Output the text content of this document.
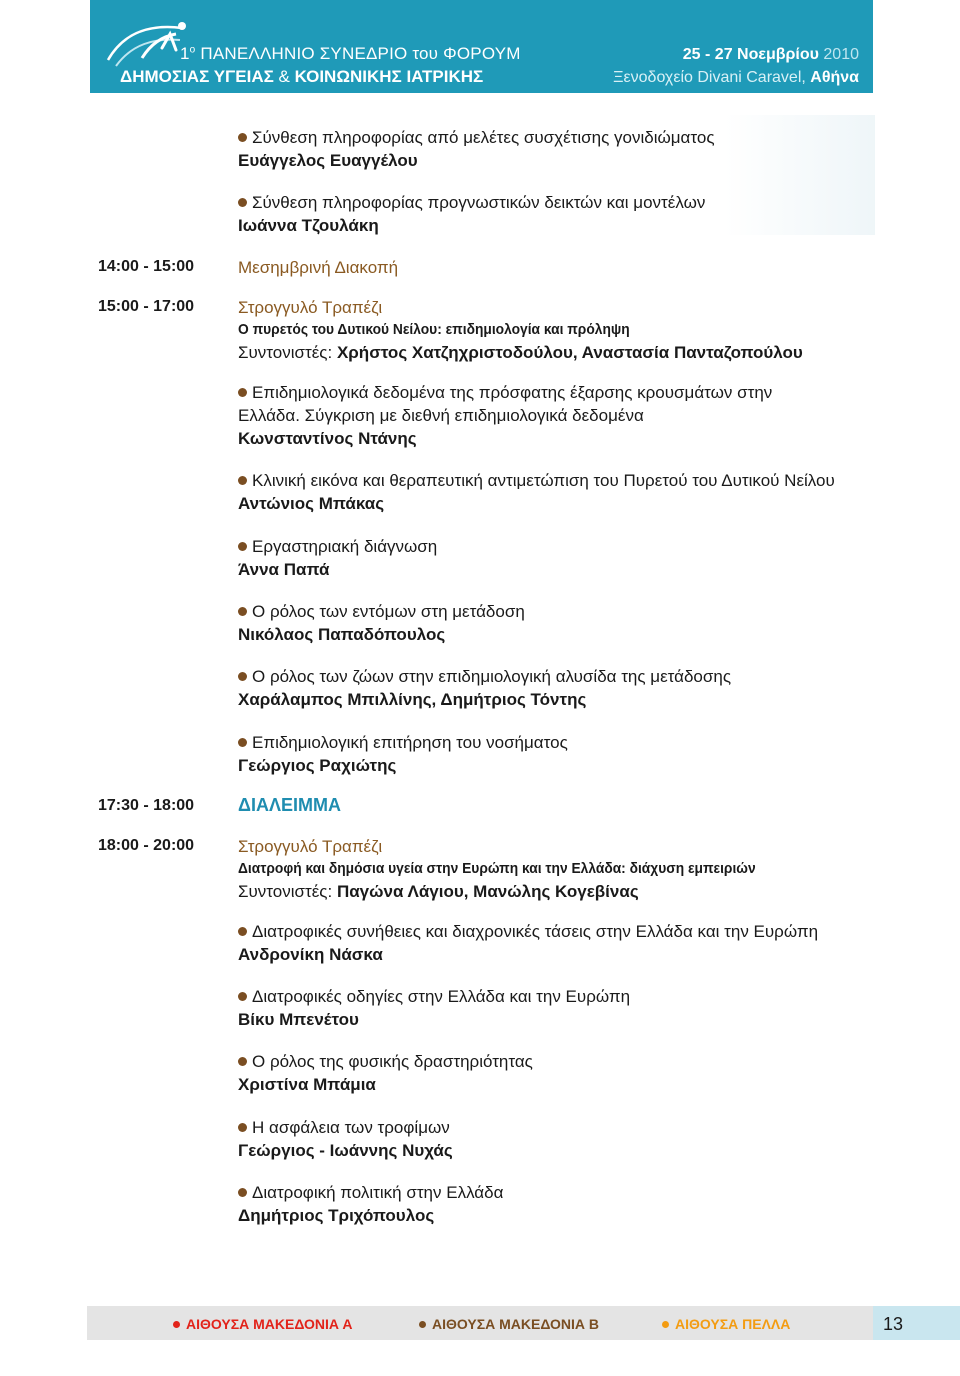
$1^o$ ΠΑΝΕΛΛΗΝΙΟ ΣΥΝΕΔΡΙΟ του ΦΟΡΟΥΜ
ΔΗΜΟΣΙΑΣ ΥΓΕΙΑΣ & ΚΟΙΝΩΝΙΚΗΣ ΙΑΤΡΙΚΗΣ
25 - 27 Νοεμβρίου 2010
Ξενοδοχείο Divani Caravel, Αθήνα
Σύνθεση πληροφορίας από μελέτες συσχέτισης γονιδιώματος
Ευάγγελος Ευαγγέλου
Σύνθεση πληροφορίας προγνωστικών δεικτών και μοντέλων
Ιωάννα Τζουλάκη
14:00 - 15:00	Μεσημβρινή Διακοπή
15:00 - 17:00	Στρογγυλό Τραπέζι
Ο πυρετός του Δυτικού Νείλου: επιδημιολογία και πρόληψη
Συντονιστές: Χρήστος Χατζηχριστοδούλου, Αναστασία Πανταζοπούλου
Επιδημιολογικά δεδομένα της πρόσφατης έξαρσης κρουσμάτων στην
Ελλάδα. Σύγκριση με διεθνή επιδημιολογικά δεδομένα
Κωνσταντίνος Ντάνης
Κλινική εικόνα και θεραπευτική αντιμετώπιση του Πυρετού του Δυτικού Νείλου
Αντώνιος Μπάκας
Εργαστηριακή διάγνωση
Άννα Παπά
Ο ρόλος των εντόμων στη μετάδοση
Νικόλαος Παπαδόπουλος
Ο ρόλος των ζώων στην επιδημιολογική αλυσίδα της μετάδοσης
Χαράλαμπος Μπιλλίνης, Δημήτριος Τόντης
Επιδημιολογική επιτήρηση του νοσήματος
Γεώργιος Ραχιώτης
17:30 - 18:00 ΔΙΑΛΕΙΜΜΑ
18:00 - 20:00	Στρογγυλό Τραπέζι
Διατροφή και δημόσια υγεία στην Ευρώπη και την Ελλάδα: διάχυση εμπειριών
Συντονιστές: Παγώνα Λάγιου, Μανώλης Κογεβίνας
Διατροφικές συνήθειες και διαχρονικές τάσεις στην Ελλάδα και την Ευρώπη
Ανδρονίκη Νάσκα
Διατροφικές οδηγίες στην Ελλάδα και την Ευρώπη
Βίκυ Μπενέτου
Ο ρόλος της φυσικής δραστηριότητας
Χριστίνα Μπάμια
Η ασφάλεια των τροφίμων
Γεώργιος - Ιωάννης Νυχάς
Διατροφική πολιτική στην Ελλάδα
Δημήτριος Τριχόπουλος
ΑΙΘΟΥΣΑ ΜΑΚΕΔΟΝΙΑ Α	ΑΙΘΟΥΣΑ ΜΑΚΕΔΟΝΙΑ Β	ΑΙΘΟΥΣΑ ΠΕΛΛΑ	13
